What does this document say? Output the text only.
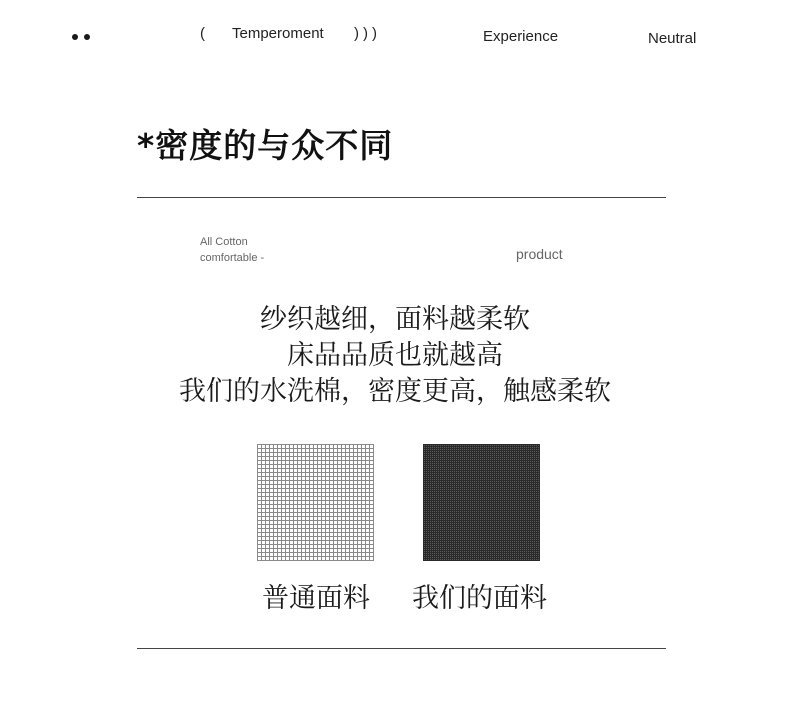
( Temperoment )))	Experience	Neutral
*密度的与众不同
All Cotton
comfortable -	product
纱织越细，面料越柔软
床品品质也就越高
我们的水洗棉，密度更高，触感柔软
普通面料 我们的面料
